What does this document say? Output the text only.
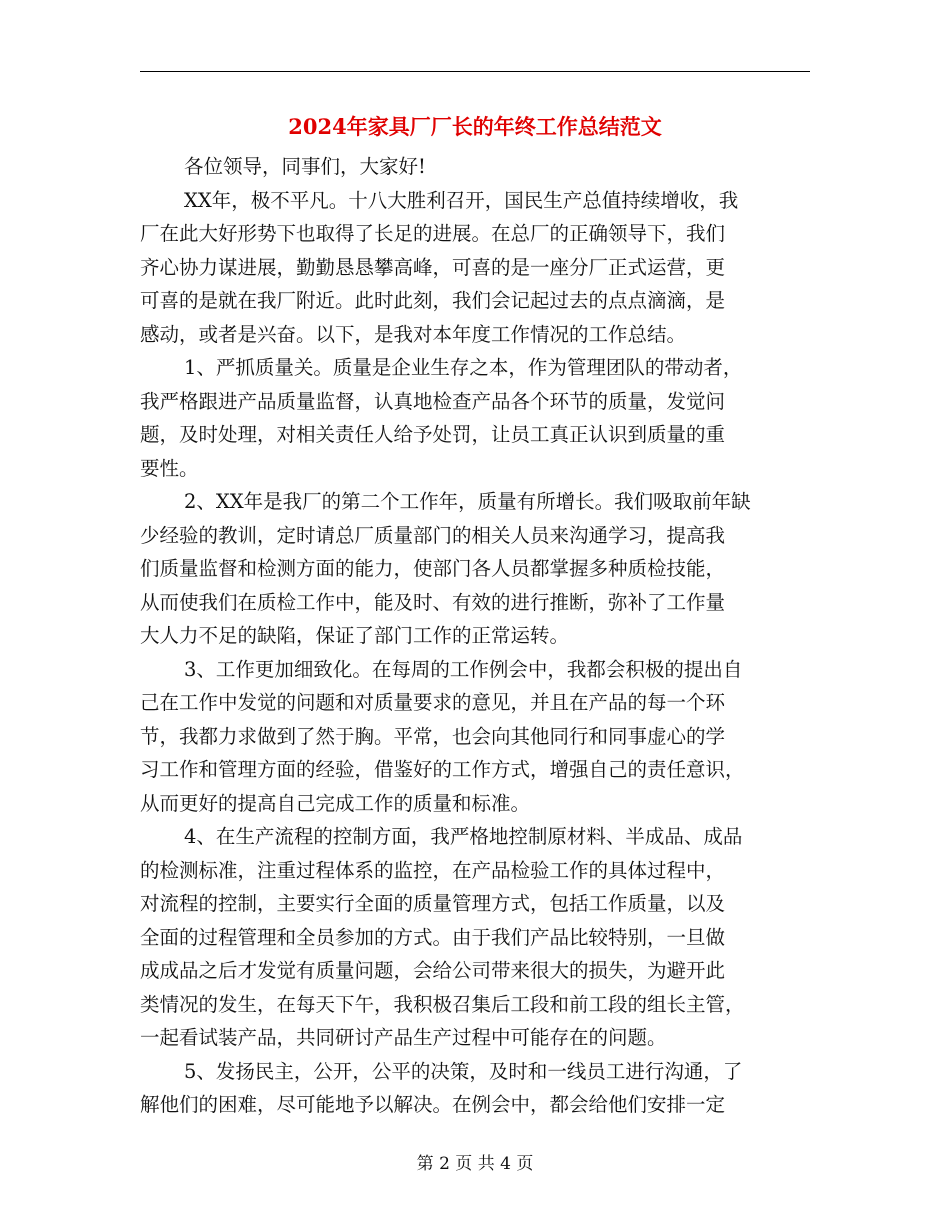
2024年家具厂厂长的年终工作总结范文
各位领导，同事们，大家好!
XX年，极不平凡。十八大胜利召开，国民生产总值持续增收，我
厂在此大好形势下也取得了长足的进展。在总厂的正确领导下，我们
齐心协力谋进展，勤勤恳恳攀高峰，可喜的是一座分厂正式运营，更
可喜的是就在我厂附近。此时此刻，我们会记起过去的点点滴滴，是
感动，或者是兴奋。以下，是我对本年度工作情况的工作总结。
1、严抓质量关。质量是企业生存之本，作为管理团队的带动者，
我严格跟进产品质量监督，认真地检查产品各个环节的质量，发觉问
题，及时处理，对相关责任人给予处罚，让员工真正认识到质量的重
要性。
2、XX年是我厂的第二个工作年，质量有所增长。我们吸取前年缺
少经验的教训，定时请总厂质量部门的相关人员来沟通学习，提高我
们质量监督和检测方面的能力，使部门各人员都掌握多种质检技能，
从而使我们在质检工作中，能及时、有效的进行推断，弥补了工作量
大人力不足的缺陷，保证了部门工作的正常运转。
3、工作更加细致化。在每周的工作例会中，我都会积极的提出自
己在工作中发觉的问题和对质量要求的意见，并且在产品的每一个环
节，我都力求做到了然于胸。平常，也会向其他同行和同事虚心的学
习工作和管理方面的经验，借鉴好的工作方式，增强自己的责任意识，
从而更好的提高自己完成工作的质量和标准。
4、在生产流程的控制方面，我严格地控制原材料、半成品、成品
的检测标准，注重过程体系的监控，在产品检验工作的具体过程中，
对流程的控制，主要实行全面的质量管理方式，包括工作质量，以及
全面的过程管理和全员参加的方式。由于我们产品比较特别，一旦做
成成品之后才发觉有质量问题，会给公司带来很大的损失，为避开此
类情况的发生，在每天下午，我积极召集后工段和前工段的组长主管，
一起看试装产品，共同研讨产品生产过程中可能存在的问题。
5、发扬民主，公开，公平的决策，及时和一线员工进行沟通，了
解他们的困难，尽可能地予以解决。在例会中，都会给他们安排一定
第 2 页 共 4 页
